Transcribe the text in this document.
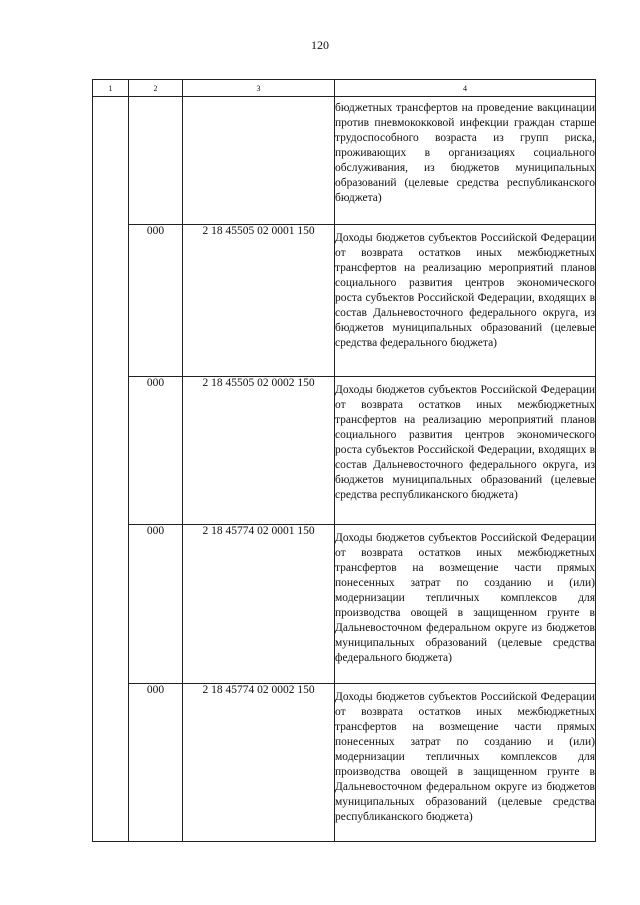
120
1	2	3	4
			бюджетных трансфертов на проведение вакцинации против пневмококковой инфекции граждан старше трудоспособного возраста из групп риска, проживающих в организациях социального обслуживания, из бюджетов муниципальных образований (целевые средства республиканского бюджета)
	000	2 18 45505 02 0001 150	Доходы бюджетов субъектов Российской Федерации от возврата остатков иных межбюджетных трансфертов на реализацию мероприятий планов социального развития центров экономического роста субъектов Российской Федерации, входящих в состав Дальневосточного федерального округа, из бюджетов муниципальных образований (целевые средства федерального бюджета)
	000	2 18 45505 02 0002 150	Доходы бюджетов субъектов Российской Федерации от возврата остатков иных межбюджетных трансфертов на реализацию мероприятий планов социального развития центров экономического роста субъектов Российской Федерации, входящих в состав Дальневосточного федерального округа, из бюджетов муниципальных образований (целевые средства республиканского бюджета)
	000	2 18 45774 02 0001 150	Доходы бюджетов субъектов Российской Федерации от возврата остатков иных межбюджетных трансфертов на возмещение части прямых понесенных затрат по созданию и (или) модернизации тепличных комплексов для производства овощей в защищенном грунте в Дальневосточном федеральном округе из бюджетов муниципальных образований (целевые средства федерального бюджета)
	000	2 18 45774 02 0002 150	Доходы бюджетов субъектов Российской Федерации от возврата остатков иных межбюджетных трансфертов на возмещение части прямых понесенных затрат по созданию и (или) модернизации тепличных комплексов для производства овощей в защищенном грунте в Дальневосточном федеральном округе из бюджетов муниципальных образований (целевые средства республиканского бюджета)
